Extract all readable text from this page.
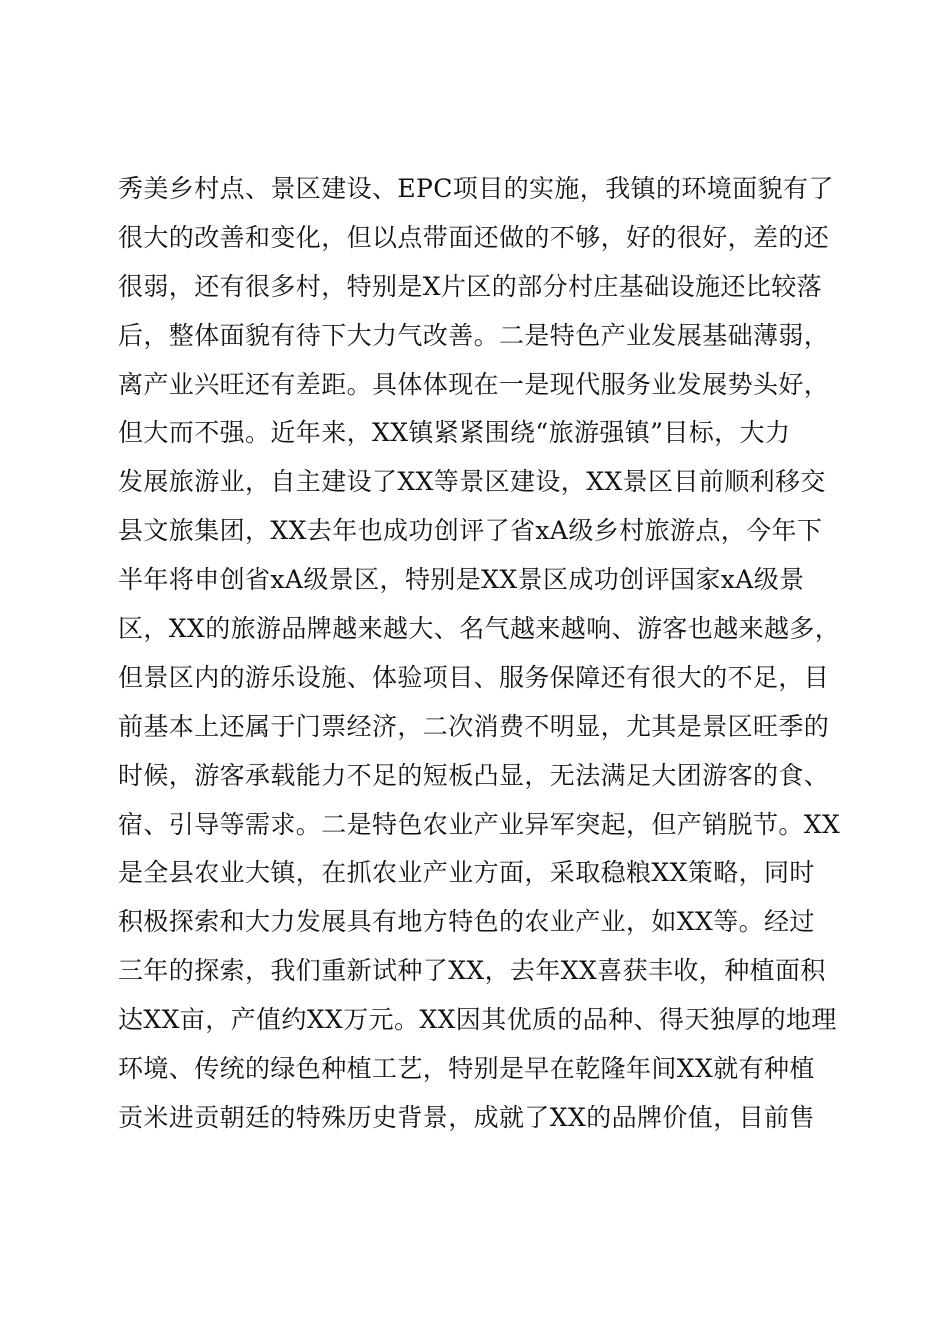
秀美乡村点、景区建设、EPC项目的实施，我镇的环境面貌有了
很大的改善和变化，但以点带面还做的不够，好的很好，差的还
很弱，还有很多村，特别是X片区的部分村庄基础设施还比较落
后，整体面貌有待下大力气改善。二是特色产业发展基础薄弱，
离产业兴旺还有差距。具体体现在一是现代服务业发展势头好，
但大而不强。近年来，XX镇紧紧围绕“旅游强镇”目标，大力
发展旅游业，自主建设了XX等景区建设，XX景区目前顺利移交
县文旅集团，XX去年也成功创评了省xA级乡村旅游点，今年下
半年将申创省xA级景区，特别是XX景区成功创评国家xA级景
区，XX的旅游品牌越来越大、名气越来越响、游客也越来越多，
但景区内的游乐设施、体验项目、服务保障还有很大的不足，目
前基本上还属于门票经济，二次消费不明显，尤其是景区旺季的
时候，游客承载能力不足的短板凸显，无法满足大团游客的食、
宿、引导等需求。二是特色农业产业异军突起，但产销脱节。XX
是全县农业大镇，在抓农业产业方面，采取稳粮XX策略，同时
积极探索和大力发展具有地方特色的农业产业，如XX等。经过
三年的探索，我们重新试种了XX，去年XX喜获丰收，种植面积
达XX亩，产值约XX万元。XX因其优质的品种、得天独厚的地理
环境、传统的绿色种植工艺，特别是早在乾隆年间XX就有种植
贡米进贡朝廷的特殊历史背景，成就了XX的品牌价值，目前售
